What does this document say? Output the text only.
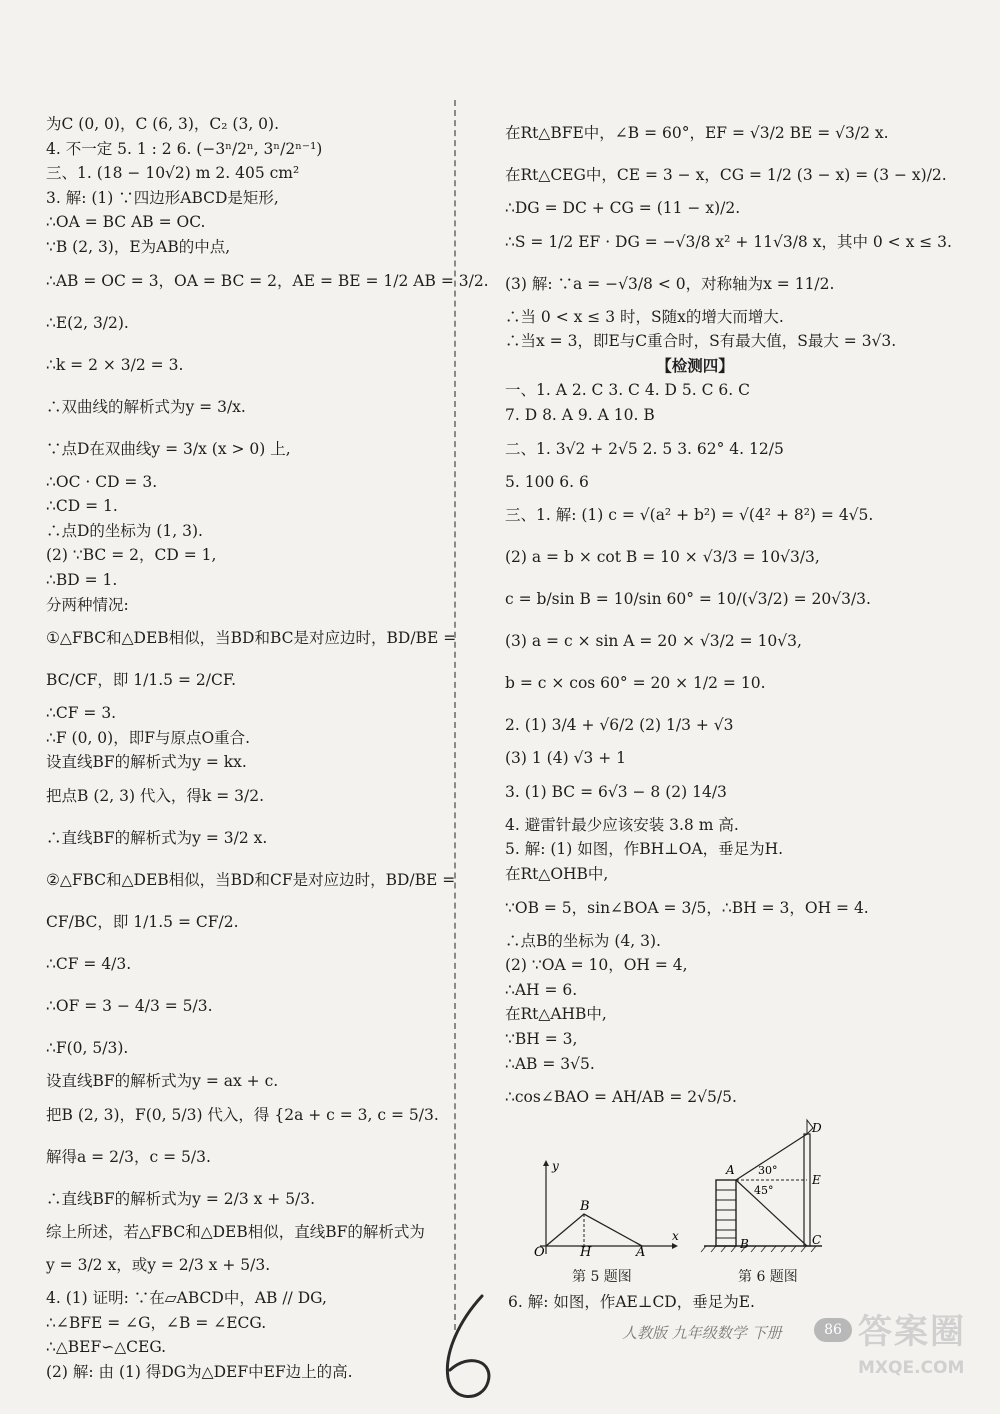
为C (0, 0)，C (6, 3)，C₂ (3, 0).
4. 不一定 5. 1 : 2 6. (−3ⁿ/2ⁿ, 3ⁿ/2ⁿ⁻¹)
三、1. (18 − 10√2) m 2. 405 cm²
3. 解: (1) ∵四边形ABCD是矩形,
∴OA = BC AB = OC.
∵B (2, 3)，E为AB的中点,
∴AB = OC = 3，OA = BC = 2，AE = BE = 1/2 AB = 3/2.
∴E(2, 3/2).
∴k = 2 × 3/2 = 3.
∴双曲线的解析式为y = 3/x.
∵点D在双曲线y = 3/x (x > 0) 上,
∴OC · CD = 3.
∴CD = 1.
∴点D的坐标为 (1, 3).
(2) ∵BC = 2，CD = 1,
∴BD = 1.
分两种情况:
①△FBC和△DEB相似，当BD和BC是对应边时，BD/BE =
BC/CF，即 1/1.5 = 2/CF.
∴CF = 3.
∴F (0, 0)，即F与原点O重合.
设直线BF的解析式为y = kx.
把点B (2, 3) 代入，得k = 3/2.
∴直线BF的解析式为y = 3/2 x.
②△FBC和△DEB相似，当BD和CF是对应边时，BD/BE =
CF/BC，即 1/1.5 = CF/2.
∴CF = 4/3.
∴OF = 3 − 4/3 = 5/3.
∴F(0, 5/3).
设直线BF的解析式为y = ax + c.
把B (2, 3)，F(0, 5/3) 代入，得 {2a + c = 3, c = 5/3.
解得a = 2/3，c = 5/3.
∴直线BF的解析式为y = 2/3 x + 5/3.
综上所述，若△FBC和△DEB相似，直线BF的解析式为
y = 3/2 x，或y = 2/3 x + 5/3.
4. (1) 证明: ∵在▱ABCD中，AB // DG,
∴∠BFE = ∠G，∠B = ∠ECG.
∴△BEF∽△CEG.
(2) 解: 由 (1) 得DG为△DEF中EF边上的高.
在Rt△BFE中，∠B = 60°，EF = √3/2 BE = √3/2 x.
在Rt△CEG中，CE = 3 − x，CG = 1/2 (3 − x) = (3 − x)/2.
∴DG = DC + CG = (11 − x)/2.
∴S = 1/2 EF · DG = −√3/8 x² + 11√3/8 x，其中 0 < x ≤ 3.
(3) 解: ∵a = −√3/8 < 0，对称轴为x = 11/2.
∴当 0 < x ≤ 3 时，S随x的增大而增大.
∴当x = 3，即E与C重合时，S有最大值，S最大 = 3√3.
【检测四】
一、1. A 2. C 3. C 4. D 5. C 6. C
7. D 8. A 9. A 10. B
二、1. 3√2 + 2√5 2. 5 3. 62° 4. 12/5
5. 100 6. 6
三、1. 解: (1) c = √(a² + b²) = √(4² + 8²) = 4√5.
(2) a = b × cot B = 10 × √3/3 = 10√3/3,
c = b/sin B = 10/sin 60° = 10/(√3/2) = 20√3/3.
(3) a = c × sin A = 20 × √3/2 = 10√3,
b = c × cos 60° = 20 × 1/2 = 10.
2. (1) 3/4 + √6/2 (2) 1/3 + √3
(3) 1 (4) √3 + 1
3. (1) BC = 6√3 − 8 (2) 14/3
4. 避雷针最少应该安装 3.8 m 高.
5. 解: (1) 如图，作BH⊥OA，垂足为H.
在Rt△OHB中,
∵OB = 5，sin∠BOA = 3/5，∴BH = 3，OH = 4.
∴点B的坐标为 (4, 3).
(2) ∵OA = 10，OH = 4,
∴AH = 6.
在Rt△AHB中,
∵BH = 3,
∴AB = 3√5.
∴cos∠BAO = AH/AB = 2√5/5.
y
x
O	H	A
B
第 5 题图
A
B	C
D
E
30°
45°
第 6 题图
6. 解: 如图，作AE⊥CD，垂足为E.
人教版 九年级数学 下册	86 答案圈
MXQE.COM
